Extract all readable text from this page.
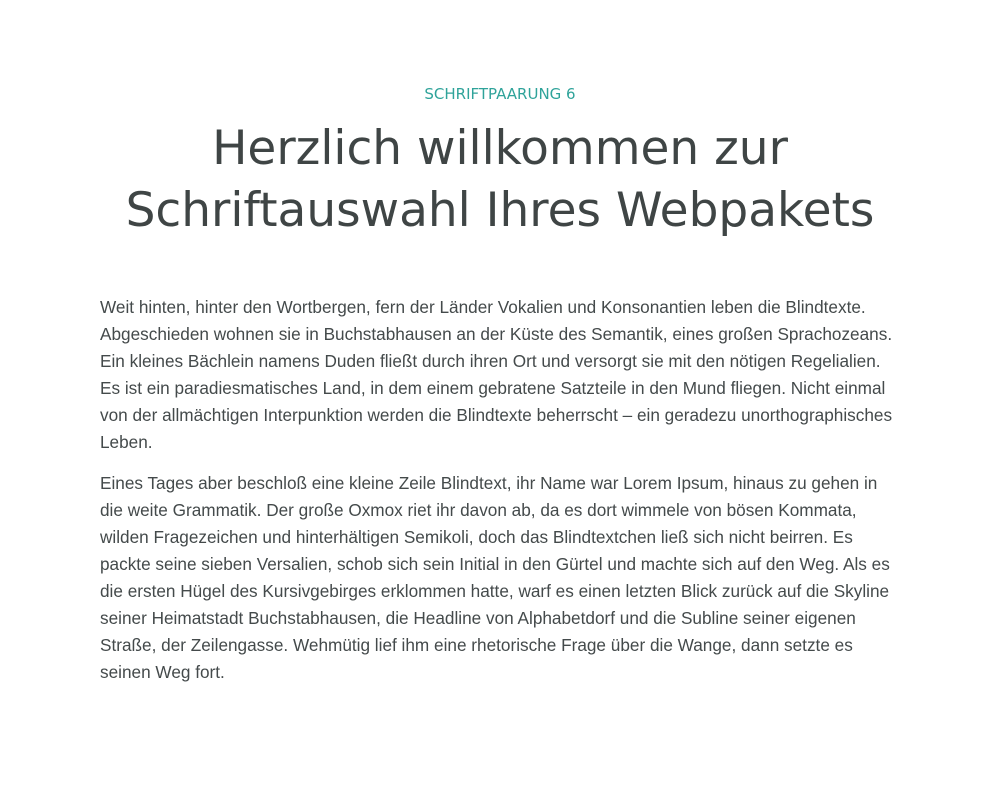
SCHRIFTPAARUNG 6
Herzlich willkommen zur Schriftauswahl Ihres Webpakets

Weit hinten, hinter den Wortbergen, fern der Länder Vokalien und Konsonantien leben die Blindtexte. Abgeschieden wohnen sie in Buchstabhausen an der Küste des Semantik, eines großen Sprachozeans. Ein kleines Bächlein namens Duden fließt durch ihren Ort und versorgt sie mit den nötigen Regelialien. Es ist ein paradiesmatisches Land, in dem einem gebratene Satzteile in den Mund fliegen. Nicht einmal von der allmächtigen Interpunktion werden die Blindtexte beherrscht – ein geradezu unorthographisches Leben.

Eines Tages aber beschloß eine kleine Zeile Blindtext, ihr Name war Lorem Ipsum, hinaus zu gehen in die weite Grammatik. Der große Oxmox riet ihr davon ab, da es dort wimmele von bösen Kommata, wilden Fragezeichen und hinterhältigen Semikoli, doch das Blindtextchen ließ sich nicht beirren. Es packte seine sieben Versalien, schob sich sein Initial in den Gürtel und machte sich auf den Weg. Als es die ersten Hügel des Kursivgebirges erklommen hatte, warf es einen letzten Blick zurück auf die Skyline seiner Heimatstadt Buchstabhausen, die Headline von Alphabetdorf und die Subline seiner eigenen Straße, der Zeilengasse. Wehmütig lief ihm eine rhetorische Frage über die Wange, dann setzte es seinen Weg fort.
